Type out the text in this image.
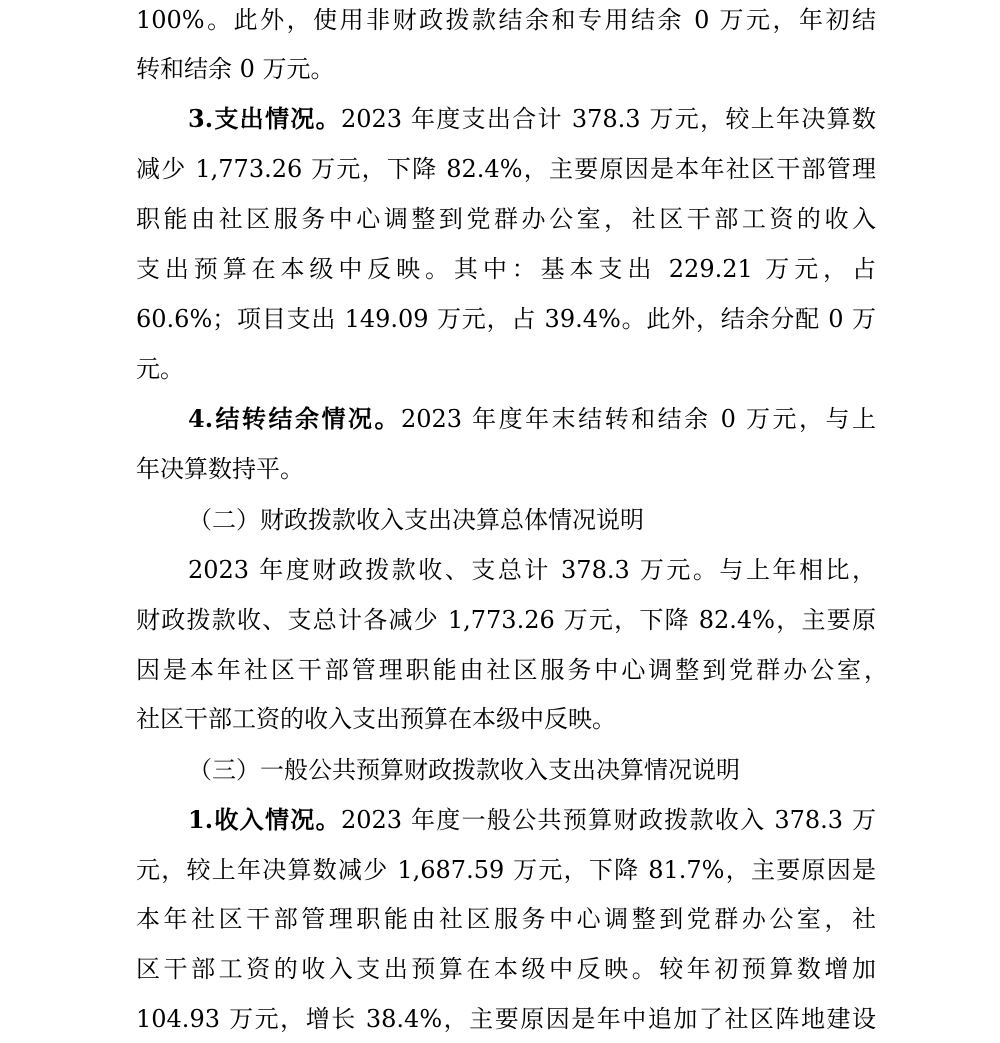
100%。此外，使用非财政拨款结余和专用结余 0 万元，年初结
转和结余 0 万元。
3.支出情况。2023 年度支出合计 378.3 万元，较上年决算数
减少 1,773.26 万元，下降 82.4%，主要原因是本年社区干部管理
职能由社区服务中心调整到党群办公室，社区干部工资的收入
支出预算在本级中反映。其中：基本支出 229.21 万元，占
60.6%；项目支出 149.09 万元，占 39.4%。此外，结余分配 0 万
元。
4.结转结余情况。2023 年度年末结转和结余 0 万元，与上
年决算数持平。
（二）财政拨款收入支出决算总体情况说明
2023 年度财政拨款收、支总计 378.3 万元。与上年相比，
财政拨款收、支总计各减少 1,773.26 万元，下降 82.4%，主要原
因是本年社区干部管理职能由社区服务中心调整到党群办公室，
社区干部工资的收入支出预算在本级中反映。
（三）一般公共预算财政拨款收入支出决算情况说明
1.收入情况。2023 年度一般公共预算财政拨款收入 378.3 万
元，较上年决算数减少 1,687.59 万元，下降 81.7%，主要原因是
本年社区干部管理职能由社区服务中心调整到党群办公室，社
区干部工资的收入支出预算在本级中反映。较年初预算数增加
104.93 万元，增长 38.4%，主要原因是年中追加了社区阵地建设
